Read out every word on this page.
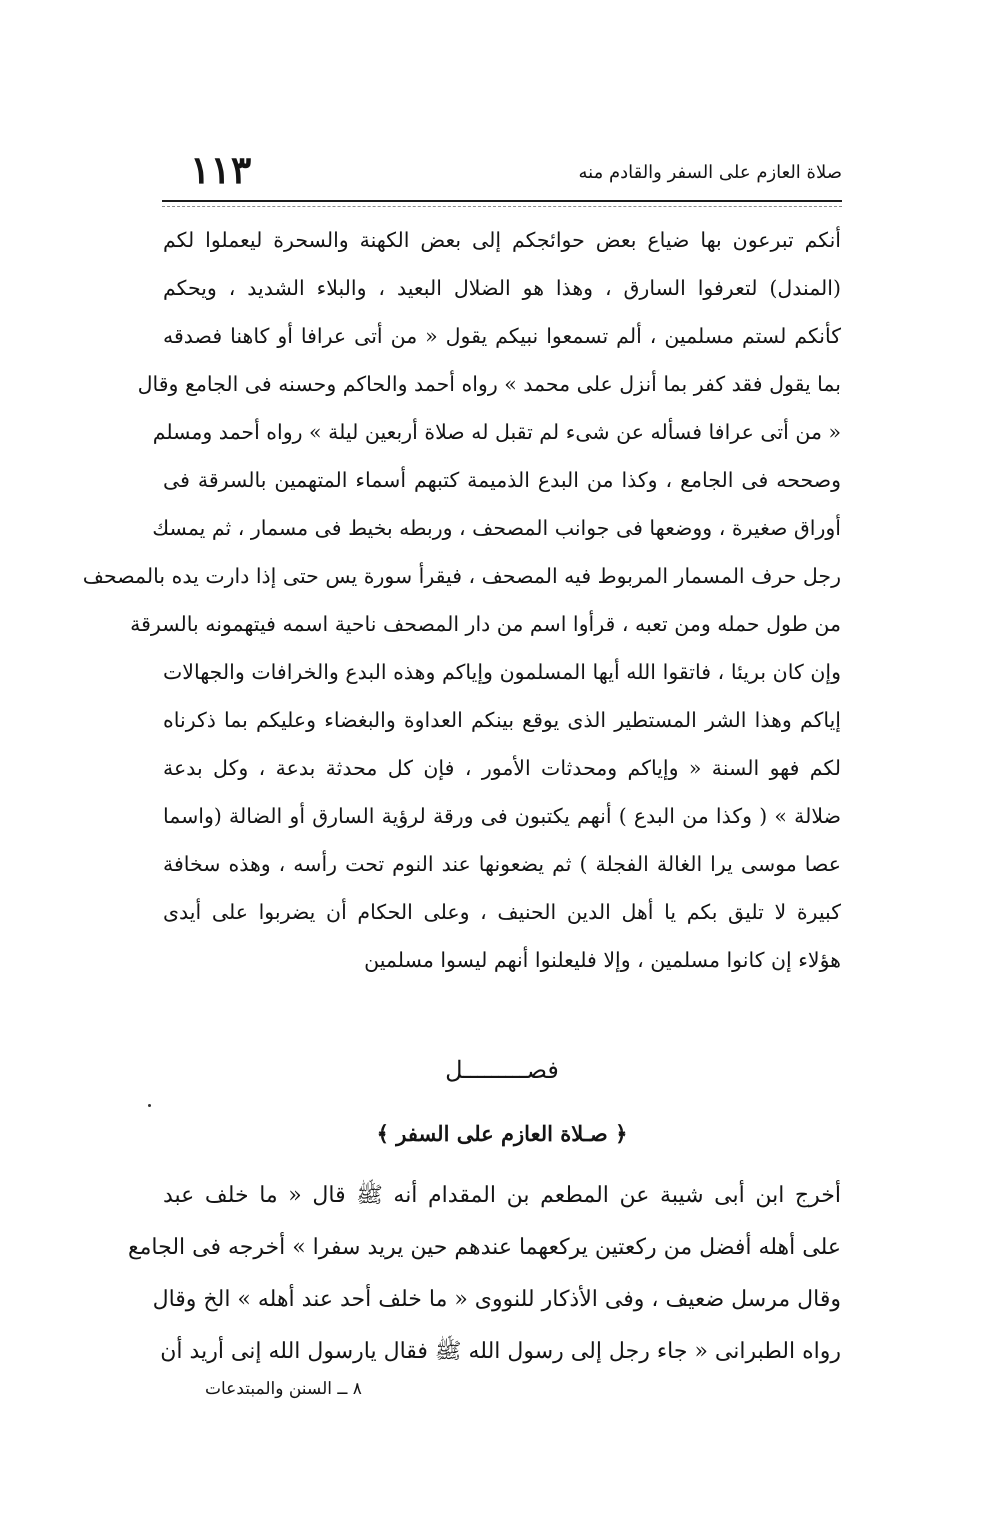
صلاة العازم على السفر والقادم منه
١١٣
أنكم تبرعون بها ضياع بعض حوائجكم إلى بعض الكهنة والسحرة ليعملوا لكم
(المندل) لتعرفوا السارق ، وهذا هو الضلال البعيد ، والبلاء الشديد ، ويحكم
كأنكم لستم مسلمين ، ألم تسمعوا نبيكم يقول « من أتى عرافا أو كاهنا فصدقه
بما يقول فقد كفر بما أنزل على محمد » رواه أحمد والحاكم وحسنه فى الجامع وقال
« من أتى عرافا فسأله عن شىء لم تقبل له صلاة أربعين ليلة » رواه أحمد ومسلم
وصححه فى الجامع ، وكذا من البدع الذميمة كتبهم أسماء المتهمين بالسرقة فى
أوراق صغيرة ، ووضعها فى جوانب المصحف ، وربطه بخيط فى مسمار ، ثم يمسك
رجل حرف المسمار المربوط فيه المصحف ، فيقرأ سورة يس حتى إذا دارت يده بالمصحف
من طول حمله ومن تعبه ، قرأوا اسم من دار المصحف ناحية اسمه فيتهمونه بالسرقة
وإن كان بريئا ، فاتقوا الله أيها المسلمون وإياكم وهذه البدع والخرافات والجهالات
إياكم وهذا الشر المستطير الذى يوقع بينكم العداوة والبغضاء وعليكم بما ذكرناه
لكم فهو السنة « وإياكم ومحدثات الأمور ، فإن كل محدثة بدعة ، وكل بدعة
ضلالة » ( وكذا من البدع ) أنهم يكتبون فى ورقة لرؤية السارق أو الضالة (واسما
عصا موسى يرا الغالة الفجلة ) ثم يضعونها عند النوم تحت رأسه ، وهذه سخافة
كبيرة لا تليق بكم يا أهل الدين الحنيف ، وعلى الحكام أن يضربوا على أيدى
هؤلاء إن كانوا مسلمين ، وإلا فليعلنوا أنهم ليسوا مسلمين
فصـــــــــل
﴿ صـلاة العازم على السفر ﴾
أخرج ابن أبى شيبة عن المطعم بن المقدام أنه ﷺ قال « ما خلف عبد
على أهله أفضل من ركعتين يركعهما عندهم حين يريد سفرا » أخرجه فى الجامع
وقال مرسل ضعيف ، وفى الأذكار للنووى « ما خلف أحد عند أهله » الخ وقال
رواه الطبرانى « جاء رجل إلى رسول الله ﷺ فقال يارسول الله إنى أريد أن
٨ ــ السنن والمبتدعات
